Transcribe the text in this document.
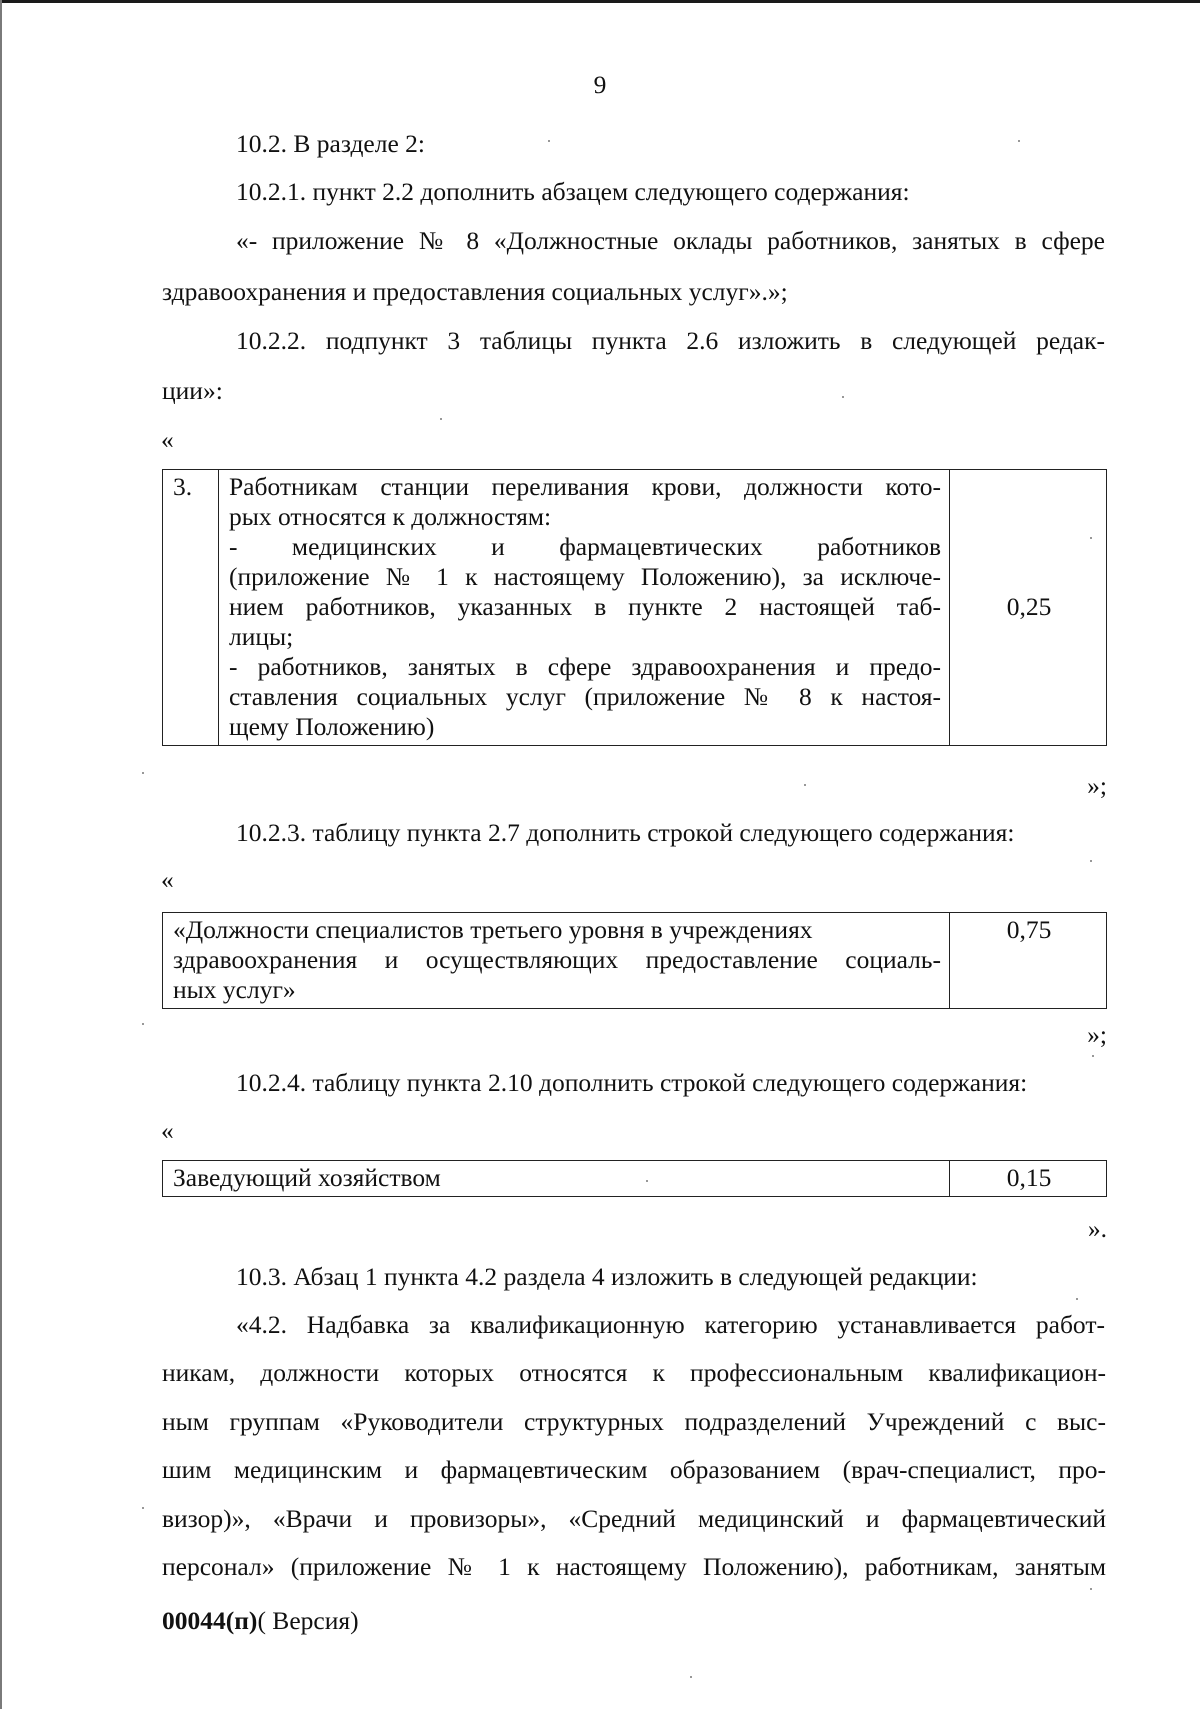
9
10.2. В разделе 2:
10.2.1. пункт 2.2 дополнить абзацем следующего содержания:
«- приложение № 8 «Должностные оклады работников, занятых в сфере
здравоохранения и предоставления социальных услуг».»;
10.2.2. подпункт 3 таблицы пункта 2.6 изложить в следующей редак-
ции»:
«
3.	Работникам станции переливания крови, должности кото-
рых относятся к должностям:
- медицинских и фармацевтических работников
(приложение № 1 к настоящему Положению), за исключе-
нием работников, указанных в пункте 2 настоящей таб-
лицы;
- работников, занятых в сфере здравоохранения и предо-
ставления социальных услуг (приложение № 8 к настоя-
щему Положению)
	0,25
»;
10.2.3. таблицу пункта 2.7 дополнить строкой следующего содержания:
«
«Должности специалистов третьего уровня в учреждениях
здравоохранения и осуществляющих предоставление социаль-
ных услуг»
	0,75
»;
10.2.4. таблицу пункта 2.10 дополнить строкой следующего содержания:
«
Заведующий хозяйством	0,15
».
10.3. Абзац 1 пункта 4.2 раздела 4 изложить в следующей редакции:
«4.2. Надбавка за квалификационную категорию устанавливается работ-
никам, должности которых относятся к профессиональным квалификацион-
ным группам «Руководители структурных подразделений Учреждений с выс-
шим медицинским и фармацевтическим образованием (врач-специалист, про-
визор)», «Врачи и провизоры», «Средний медицинский и фармацевтический
персонал» (приложение № 1 к настоящему Положению), работникам, занятым
00044(п)( Версия)
